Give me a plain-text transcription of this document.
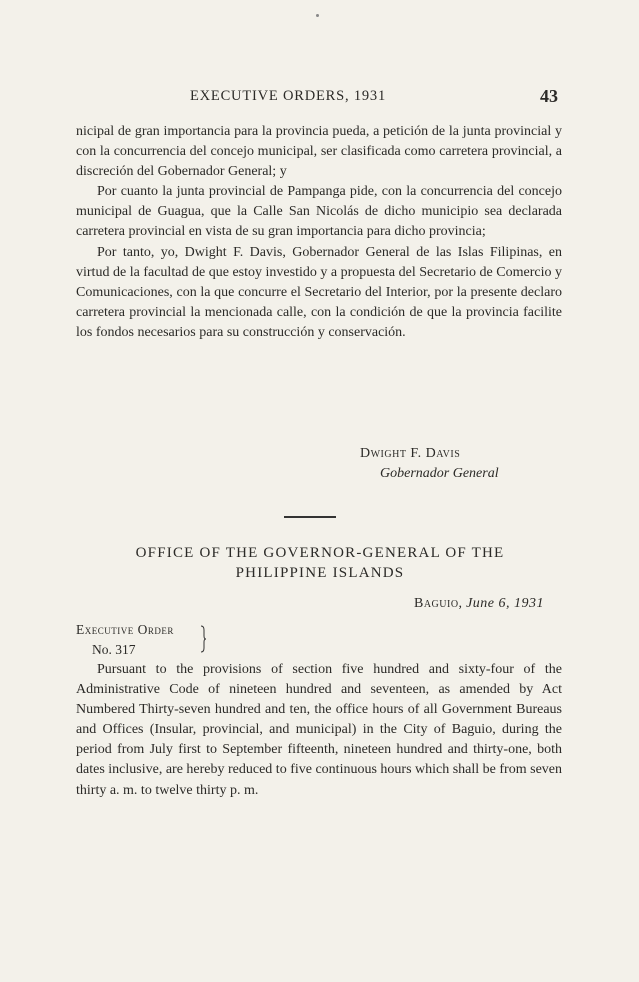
EXECUTIVE ORDERS, 1931	43

nicipal de gran importancia para la provincia pueda, a petición de la junta provincial y con la concurrencia del concejo municipal, ser clasificada como carretera provincial, a discreción del Gobernador General; y

Por cuanto la junta provincial de Pampanga pide, con la concurrencia del concejo municipal de Guagua, que la Calle San Nicolás de dicho municipio sea declarada carretera provincial en vista de su gran importancia para dicho provincia;

Por tanto, yo, Dwight F. Davis, Gobernador General de las Islas Filipinas, en virtud de la facultad de que estoy investido y a propuesta del Secretario de Comercio y Comunicaciones, con la que concurre el Secretario del Interior, por la presente declaro carretera provincial la mencionada calle, con la condición de que la provincia facilite los fondos necesarios para su construcción y conservación.

Dwight F. Davis
Gobernador General
OFFICE OF THE GOVERNOR-GENERAL OF THE
PHILIPPINE ISLANDS
Baguio, June 6, 1931
Executive Order
No. 317

Pursuant to the provisions of section five hundred and sixty-four of the Administrative Code of nineteen hundred and seventeen, as amended by Act Numbered Thirty-seven hundred and ten, the office hours of all Government Bureaus and Offices (Insular, provincial, and municipal) in the City of Baguio, during the period from July first to September fifteenth, nineteen hundred and thirty-one, both dates inclusive, are hereby reduced to five continuous hours which shall be from seven thirty a. m. to twelve thirty p. m.
